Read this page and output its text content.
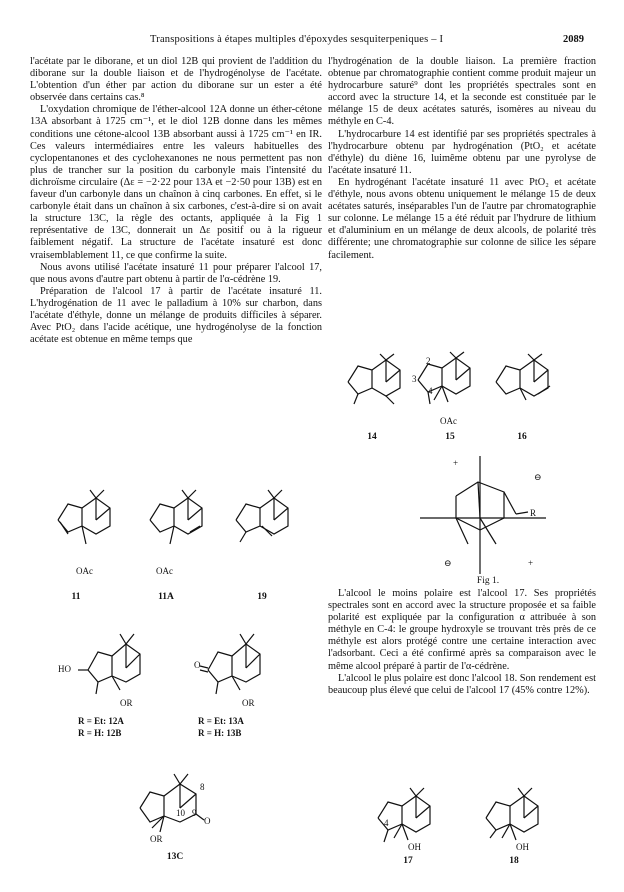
Transpositions à étapes multiples d'époxydes sesquiterpeniques – I	2089

l'acétate par le diborane, et un diol 12B qui provient de l'addition du diborane sur la double liaison et de l'hydrogénolyse de l'acétate. L'obtention d'un éther par action du diborane sur un ester a été observée dans certains cas.⁸

L'oxydation chromique de l'éther-alcool 12A donne un éther-cétone 13A absorbant à 1725 cm⁻¹, et le diol 12B donne dans les mêmes conditions une cétone-alcool 13B absorbant aussi à 1725 cm⁻¹ en IR. Ces valeurs intermédiaires entre les valeurs habituelles des cyclopentanones et des cyclohexanones ne nous permettent pas non plus de trancher sur la position du carbonyle mais l'intensité du dichroïsme circulaire (Δε = −2·22 pour 13A et −2·50 pour 13B) est en faveur d'un carbonyle dans un chaînon à cinq carbones. En effet, si le carbonyle était dans un chaînon à six carbones, c'est-à-dire si on avait la structure 13C, la règle des octants, appliquée à la Fig 1 représentative de 13C, donnerait un Δε positif ou à la rigueur faiblement négatif. La structure de l'acétate insaturé est donc vraisemblablement 11, ce que confirme la suite.

Nous avons utilisé l'acétate insaturé 11 pour préparer l'alcool 17, que nous avons d'autre part obtenu à partir de l'α-cédrène 19.

Préparation de l'alcool 17 à partir de l'acétate insaturé 11. L'hydrogénation de 11 avec le palladium à 10% sur charbon, dans l'acétate d'éthyle, donne un mélange de produits difficiles à séparer. Avec PtO₂ dans l'acide acétique, une hydrogénolyse de la fonction acétate est obtenue en même temps que

l'hydrogénation de la double liaison. La première fraction obtenue par chromatographie contient comme produit majeur un hydrocarbure saturé⁹ dont les propriétés spectrales sont en accord avec la structure 14, et la seconde est constituée par le mélange 15 de deux acétates saturés, isomères au niveau du méthyle en C-4.

L'hydrocarbure 14 est identifié par ses propriétés spectrales à l'hydrocarbure obtenu par hydrogénation (PtO₂ et acétate d'éthyle) du diène 16, luimême obtenu par une pyrolyse de l'acétate insaturé 11.

En hydrogénant l'acétate insaturé 11 avec PtO₂ et acétate d'éthyle, nous avons obtenu uniquement le mélange 15 de deux acétates saturés, inséparables l'un de l'autre par chromatographie sur colonne. Le mélange 15 a été réduit par l'hydrure de lithium et d'aluminium en un mélange de deux alcools, de polarité très différente; une chromatographie sur colonne de silice les sépare facilement.

L'alcool le moins polaire est l'alcool 17. Ses propriétés spectrales sont en accord avec la structure proposée et sa faible polarité est expliquée par la configuration α attribuée à son méthyle en C-4: le groupe hydroxyle se trouvant très près de ce méthyle est alors protégé contre une certaine interaction avec l'adsorbant. Ceci a été confirmé après sa comparaison avec le même alcool préparé à partir de l'α-cédrène.

L'alcool le plus polaire est donc l'alcool 18. Son rendement est beaucoup plus élevé que celui de l'alcool 17 (45% contre 12%).

14
2
3
4
OAc
15	16
+
⊖
⊖	+
R
Fig 1.
OAc
11
OAc
11A	19
HO
OR
R = Et: 12A
R = H: 12B
O
OR
R = Et: 13A
R = H: 13B
8
9
10
O
OR
13C
4
OH
17
OH
18
